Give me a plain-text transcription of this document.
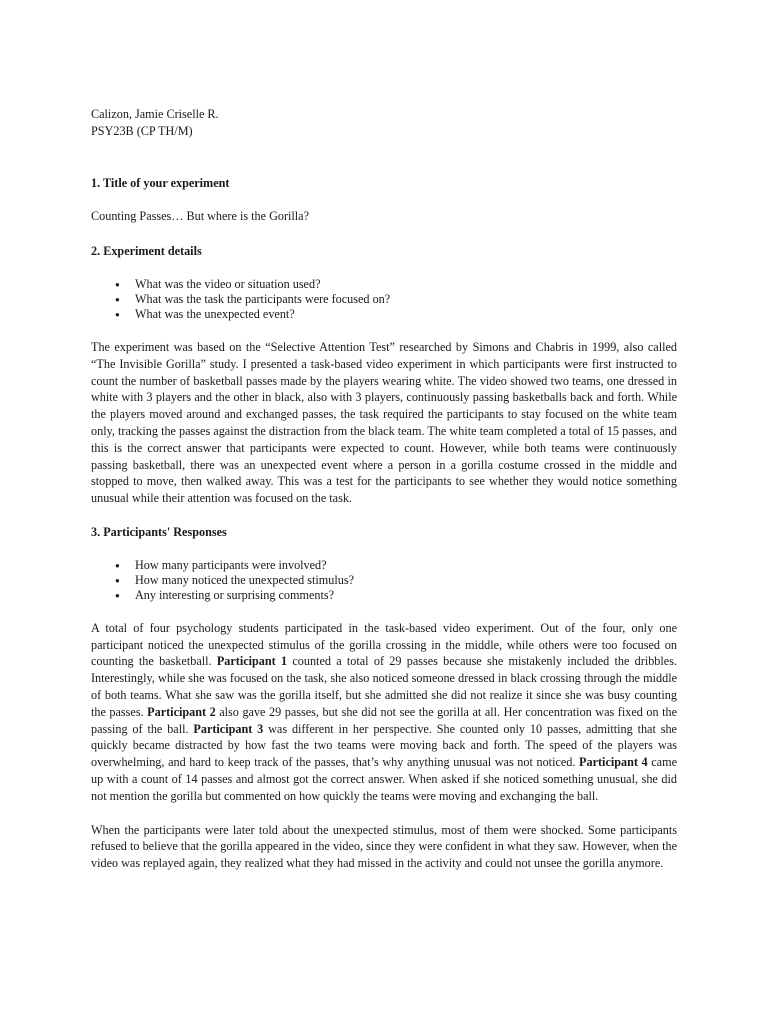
Calizon, Jamie Criselle R.

PSY23B (CP TH/M)

1. Title of your experiment

Counting Passes… But where is the Gorilla?

2. Experiment details
● What was the video or situation used?
● What was the task the participants were focused on?
● What was the unexpected event?

The experiment was based on the “Selective Attention Test” researched by Simons and Chabris in 1999, also called “The Invisible Gorilla” study. I presented a task-based video experiment in which participants were first instructed to count the number of basketball passes made by the players wearing white. The video showed two teams, one dressed in white with 3 players and the other in black, also with 3 players, continuously passing basketballs back and forth. While the players moved around and exchanged passes, the task required the participants to stay focused on the white team only, tracking the passes against the distraction from the black team. The white team completed a total of 15 passes, and this is the correct answer that participants were expected to count. However, while both teams were continuously passing basketball, there was an unexpected event where a person in a gorilla costume crossed in the middle and stopped to move, then walked away. This was a test for the participants to see whether they would notice something unusual while their attention was focused on the task.

3. Participants' Responses
● How many participants were involved?
● How many noticed the unexpected stimulus?
● Any interesting or surprising comments?

A total of four psychology students participated in the task-based video experiment. Out of the four, only one participant noticed the unexpected stimulus of the gorilla crossing in the middle, while others were too focused on counting the basketball. Participant 1 counted a total of 29 passes because she mistakenly included the dribbles. Interestingly, while she was focused on the task, she also noticed someone dressed in black crossing through the middle of both teams. What she saw was the gorilla itself, but she admitted she did not realize it since she was busy counting the passes. Participant 2 also gave 29 passes, but she did not see the gorilla at all. Her concentration was fixed on the passing of the ball. Participant 3 was different in her perspective. She counted only 10 passes, admitting that she quickly became distracted by how fast the two teams were moving back and forth. The speed of the players was overwhelming, and hard to keep track of the passes, that’s why anything unusual was not noticed. Participant 4 came up with a count of 14 passes and almost got the correct answer. When asked if she noticed something unusual, she did not mention the gorilla but commented on how quickly the teams were moving and exchanging the ball.

When the participants were later told about the unexpected stimulus, most of them were shocked. Some participants refused to believe that the gorilla appeared in the video, since they were confident in what they saw. However, when the video was replayed again, they realized what they had missed in the activity and could not unsee the gorilla anymore.
